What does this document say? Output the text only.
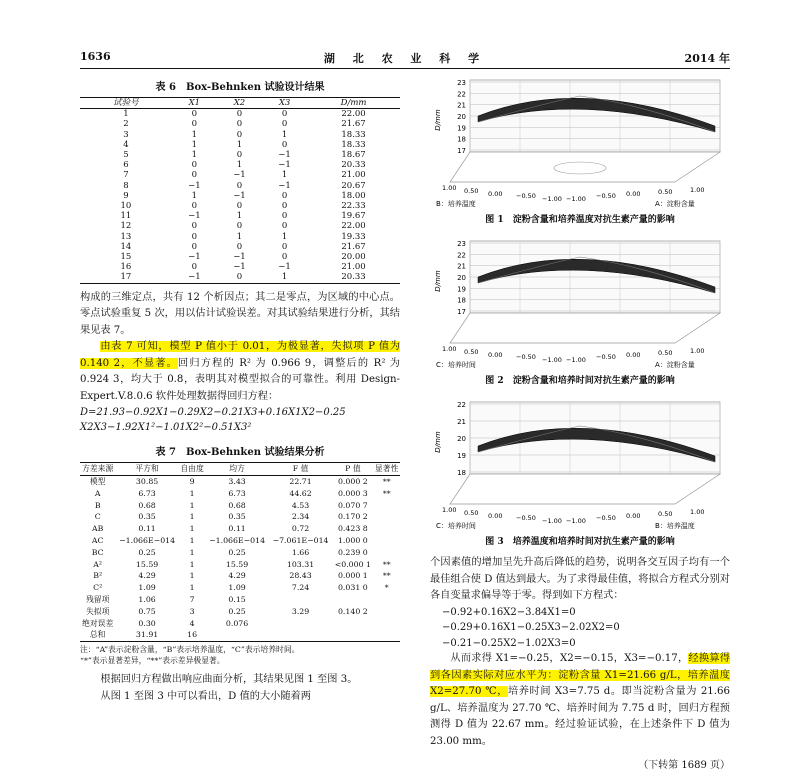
1636	湖 北 农 业 科 学	2014 年
表 6　Box-Behnken 试验设计结果
试验号	X1	X2	X3	D/mm
1	0	0	0	22.00
2	0	0	0	21.67
3	1	0	1	18.33
4	1	1	0	18.33
5	1	0	−1	18.67
6	0	1	−1	20.33
7	0	−1	1	21.00
8	−1	0	−1	20.67
9	1	−1	0	18.00
10	0	0	0	22.33
11	−1	1	0	19.67
12	0	0	0	22.00
13	0	1	1	19.33
14	0	0	0	21.67
15	−1	−1	0	20.00
16	0	−1	−1	21.00
17	−1	0	1	20.33

构成的三维定点，共有 12 个析因点；其二是零点，为区域的中心点。零点试验重复 5 次，用以估计试验误差。对其试验结果进行分析，其结果见表 7。

由表 7 可知，模型 P 值小于 0.01，为极显著，失拟项 P 值为 0.140 2，不显著。回归方程的 R² 为 0.966 9，调整后的 R² 为 0.924 3，均大于 0.8，表明其对模型拟合的可靠性。利用 Design-Expert.V.8.0.6 软件处理数据得回归方程：

D=21.93−0.92X1−0.29X2−0.21X3+0.16X1X2−0.25

X2X3−1.92X1²−1.01X2²−0.51X3²

表 7　Box-Behnken 试验结果分析
方差来源	平方和	自由度	均方	F 值	P 值	显著性
模型	30.85	9	3.43	22.71	0.000 2	**
A	6.73	1	6.73	44.62	0.000 3	**
B	0.68	1	0.68	4.53	0.070 7	
C	0.35	1	0.35	2.34	0.170 2	
AB	0.11	1	0.11	0.72	0.423 8	
AC	−1.066E−014	1	−1.066E−014	−7.061E−014	1.000 0	
BC	0.25	1	0.25	1.66	0.239 0	
A²	15.59	1	15.59	103.31	<0.000 1	**
B²	4.29	1	4.29	28.43	0.000 1	**
C²	1.09	1	1.09	7.24	0.031 0	*
残留项	1.06	7	0.15			
失拟项	0.75	3	0.25	3.29	0.140 2	
绝对误差	0.30	4	0.076			
总和	31.91	16				
注：“A”表示淀粉含量，“B”表示培养温度，“C”表示培养时间。
“*”表示显著差异，“**”表示差异极显著。

根据回归方程做出响应曲面分析，其结果见图 1 至图 3。

从图 1 至图 3 中可以看出，D 值的大小随着两

23
22
21
20
19
18
17
D/mm
1.00 0.50 0.00 −0.50 −1.00 −1.00 −0.50 0.00	0.50	1.00
B：培养温度	A：淀粉含量
图 1　淀粉含量和培养温度对抗生素产量的影响
23
22
21
20
19
18
17
D/mm
1.00 0.50 0.00 −0.50 −1.00 −1.00 −0.50 0.00	0.50	1.00
C：培养时间	A：淀粉含量
图 2　淀粉含量和培养时间对抗生素产量的影响
22
21
20
19
18
D/mm
1.00 0.50 0.00 −0.50 −1.00 −1.00 −0.50 0.00	0.50	1.00
C：培养时间	B：培养温度
图 3　培养温度和培养时间对抗生素产量的影响

个因素值的增加呈先升高后降低的趋势，说明各交互因子均有一个最佳组合使 D 值达到最大。为了求得最佳值，将拟合方程式分别对各自变量求偏导等于零。得到如下方程式：

−0.92+0.16X2−3.84X1=0

−0.29+0.16X1−0.25X3−2.02X2=0

−0.21−0.25X2−1.02X3=0

从而求得 X1=−0.25，X2=−0.15，X3=−0.17，经换算得到各因素实际对应水平为：淀粉含量 X1=21.66 g/L，培养温度 X2=27.70 ℃，培养时间 X3=7.75 d。即当淀粉含量为 21.66 g/L、培养温度为 27.70 ℃、培养时间为 7.75 d 时，回归方程预测得 D 值为 22.67 mm。经过验证试验，在上述条件下 D 值为 23.00 mm。

（下转第 1689 页）
